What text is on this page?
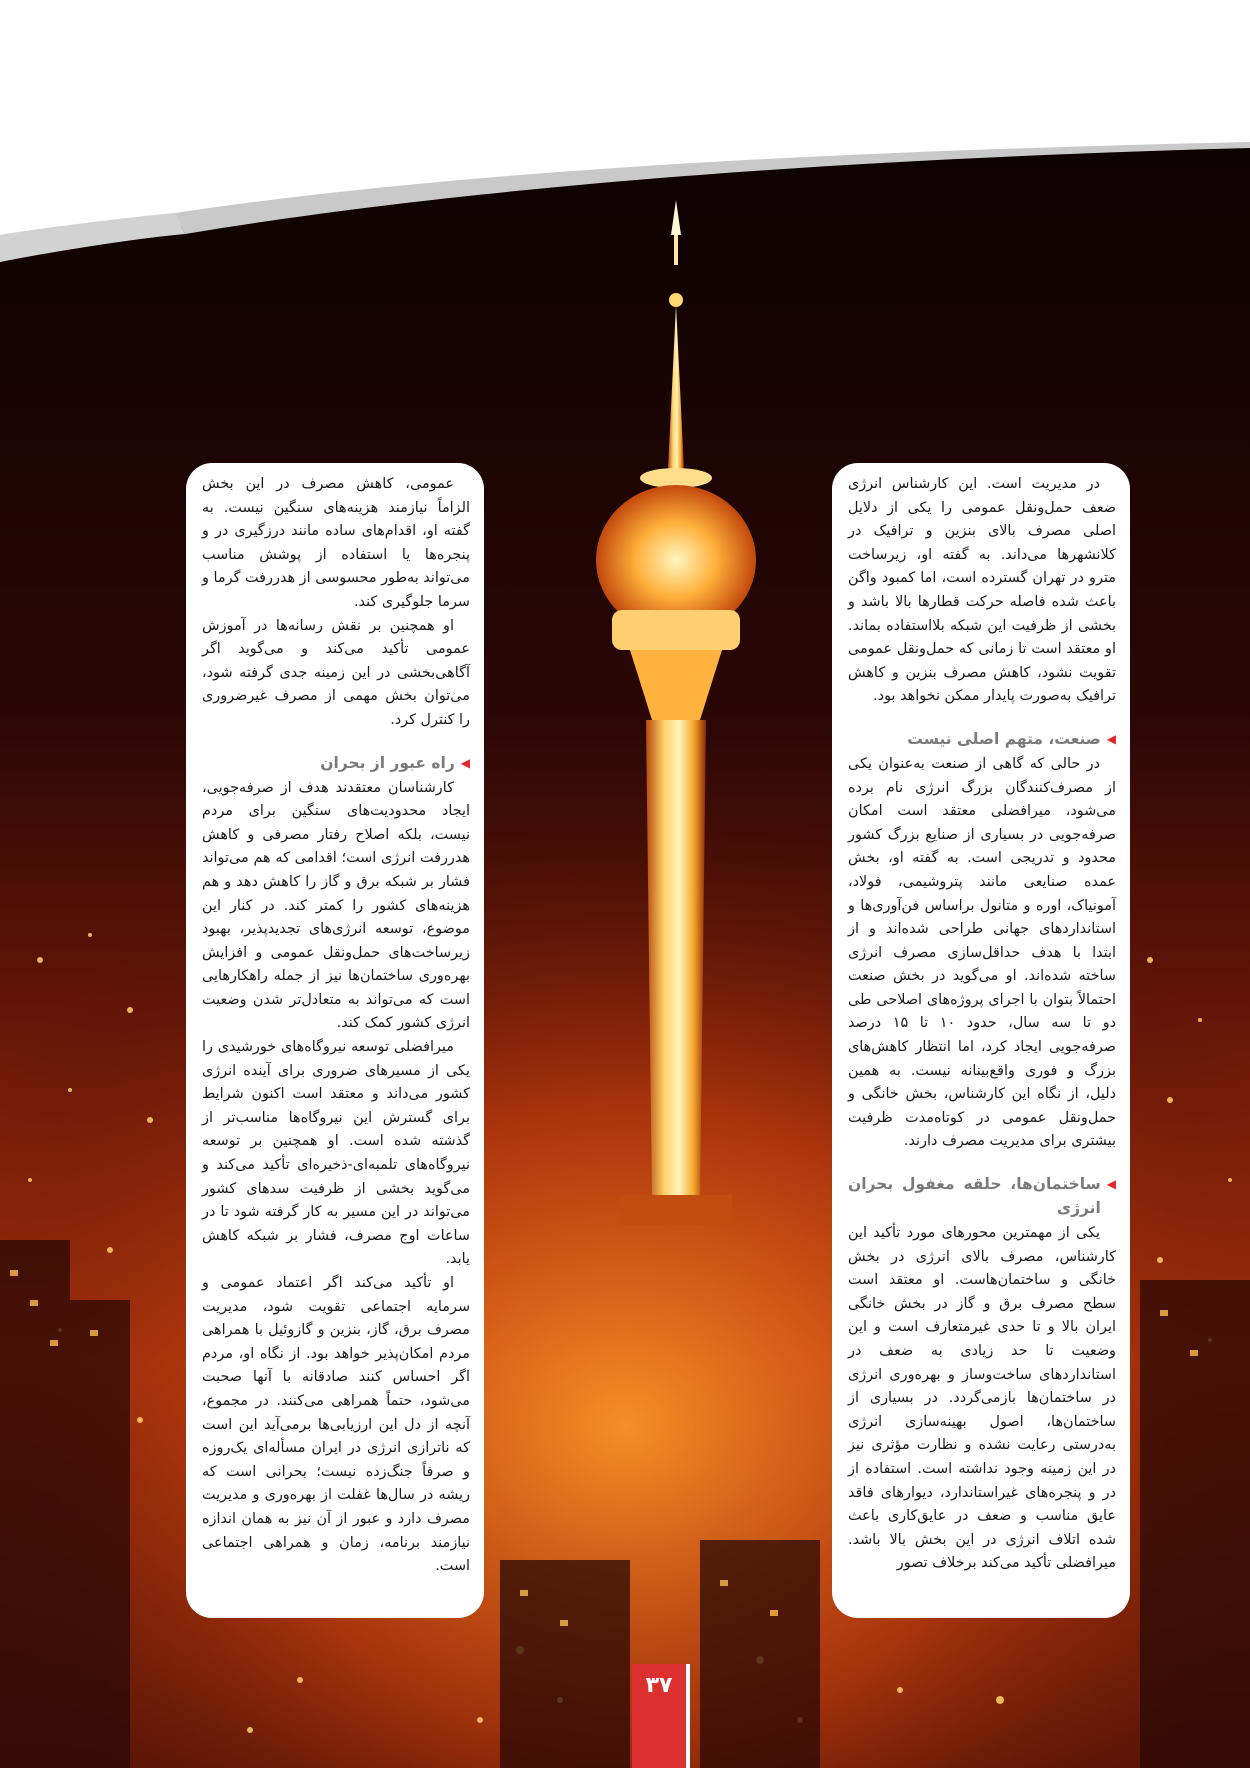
در مدیریت است. این کارشناس انرژی ضعف حمل‌ونقل عمومی را یکی از دلایل اصلی مصرف بالای بنزین و ترافیک در کلانشهرها می‌داند. به گفته او، زیرساخت مترو در تهران گسترده است، اما کمبود واگن باعث شده فاصله حرکت قطارها بالا باشد و بخشی از ظرفیت این شبکه بلااستفاده بماند. او معتقد است تا زمانی که حمل‌ونقل عمومی تقویت نشود، کاهش مصرف بنزین و کاهش ترافیک به‌صورت پایدار ممکن نخواهد بود.

◀
صنعت، متهم اصلی نیست

در حالی که گاهی از صنعت به‌عنوان یکی از مصرف‌کنندگان بزرگ انرژی نام برده می‌شود، میرافضلی معتقد است امکان صرفه‌جویی در بسیاری از صنایع بزرگ کشور محدود و تدریجی است. به گفته او، بخش عمده صنایعی مانند پتروشیمی، فولاد، آمونیاک، اوره و متانول براساس فن‌آوری‌ها و استانداردهای جهانی طراحی شده‌اند و از ابتدا با هدف حداقل‌سازی مصرف انرژی ساخته شده‌اند. او می‌گوید در بخش صنعت احتمالاً بتوان با اجرای پروژه‌های اصلاحی طی دو تا سه سال، حدود ۱۰ تا ۱۵ درصد صرفه‌جویی ایجاد کرد، اما انتظار کاهش‌های بزرگ و فوری واقع‌بینانه نیست. به همین دلیل، از نگاه این کارشناس، بخش خانگی و حمل‌ونقل عمومی در کوتاه‌مدت ظرفیت بیشتری برای مدیریت مصرف دارند.

◀
ساختمان‌ها، حلقه مغفول بحران انرژی

یکی از مهمترین محورهای مورد تأکید این کارشناس، مصرف بالای انرژی در بخش خانگی و ساختمان‌هاست. او معتقد است سطح مصرف برق و گاز در بخش خانگی ایران بالا و تا حدی غیرمتعارف است و این وضعیت تا حد زیادی به ضعف در استانداردهای ساخت‌وساز و بهره‌وری انرژی در ساختمان‌ها بازمی‌گردد. در بسیاری از ساختمان‌ها، اصول بهینه‌سازی انرژی به‌درستی رعایت نشده و نظارت مؤثری نیز در این زمینه وجود نداشته است. استفاده از در و پنجره‌های غیراستاندارد، دیوارهای فاقد عایق مناسب و ضعف در عایق‌کاری باعث شده اتلاف انرژی در این بخش بالا باشد. میرافضلی تأکید می‌کند برخلاف تصور

عمومی، کاهش مصرف در این بخش الزاماً نیازمند هزینه‌های سنگین نیست. به گفته او، اقدام‌های ساده مانند درزگیری در و پنجره‌ها یا استفاده از پوشش مناسب می‌تواند به‌طور محسوسی از هدررفت گرما و سرما جلوگیری کند.

او همچنین بر نقش رسانه‌ها در آموزش عمومی تأکید می‌کند و می‌گوید اگر آگاهی‌بخشی در این زمینه جدی گرفته شود، می‌توان بخش مهمی از مصرف غیرضروری را کنترل کرد.

◀
راه عبور از بحران

کارشناسان معتقدند هدف از صرفه‌جویی، ایجاد محدودیت‌های سنگین برای مردم نیست، بلکه اصلاح رفتار مصرفی و کاهش هدررفت انرژی است؛ اقدامی که هم می‌تواند فشار بر شبکه برق و گاز را کاهش دهد و هم هزینه‌های کشور را کمتر کند. در کنار این موضوع، توسعه انرژی‌های تجدیدپذیر، بهبود زیرساخت‌های حمل‌ونقل عمومی و افزایش بهره‌وری ساختمان‌ها نیز از جمله راهکارهایی است که می‌تواند به متعادل‌تر شدن وضعیت انرژی کشور کمک کند.

میرافضلی توسعه نیروگاه‌های خورشیدی را یکی از مسیرهای ضروری برای آینده انرژی کشور می‌داند و معتقد است اکنون شرایط برای گسترش این نیروگاه‌ها مناسب‌تر از گذشته شده است. او همچنین بر توسعه نیروگاه‌های تلمبه‌ای-ذخیره‌ای تأکید می‌کند و می‌گوید بخشی از ظرفیت سدهای کشور می‌تواند در این مسیر به کار گرفته شود تا در ساعات اوج مصرف، فشار بر شبکه کاهش یابد.

او تأکید می‌کند اگر اعتماد عمومی و سرمایه اجتماعی تقویت شود، مدیریت مصرف برق، گاز، بنزین و گازوئیل با همراهی مردم امکان‌پذیر خواهد بود. از نگاه او، مردم اگر احساس کنند صادقانه با آنها صحبت می‌شود، حتماً همراهی می‌کنند. در مجموع، آنچه از دل این ارزیابی‌ها برمی‌آید این است که ناترازی انرژی در ایران مسأله‌ای یک‌روزه و صرفاً جنگ‌زده نیست؛ بحرانی است که ریشه در سال‌ها غفلت از بهره‌وری و مدیریت مصرف دارد و عبور از آن نیز به همان اندازه نیازمند برنامه، زمان و همراهی اجتماعی است.

۳۷
